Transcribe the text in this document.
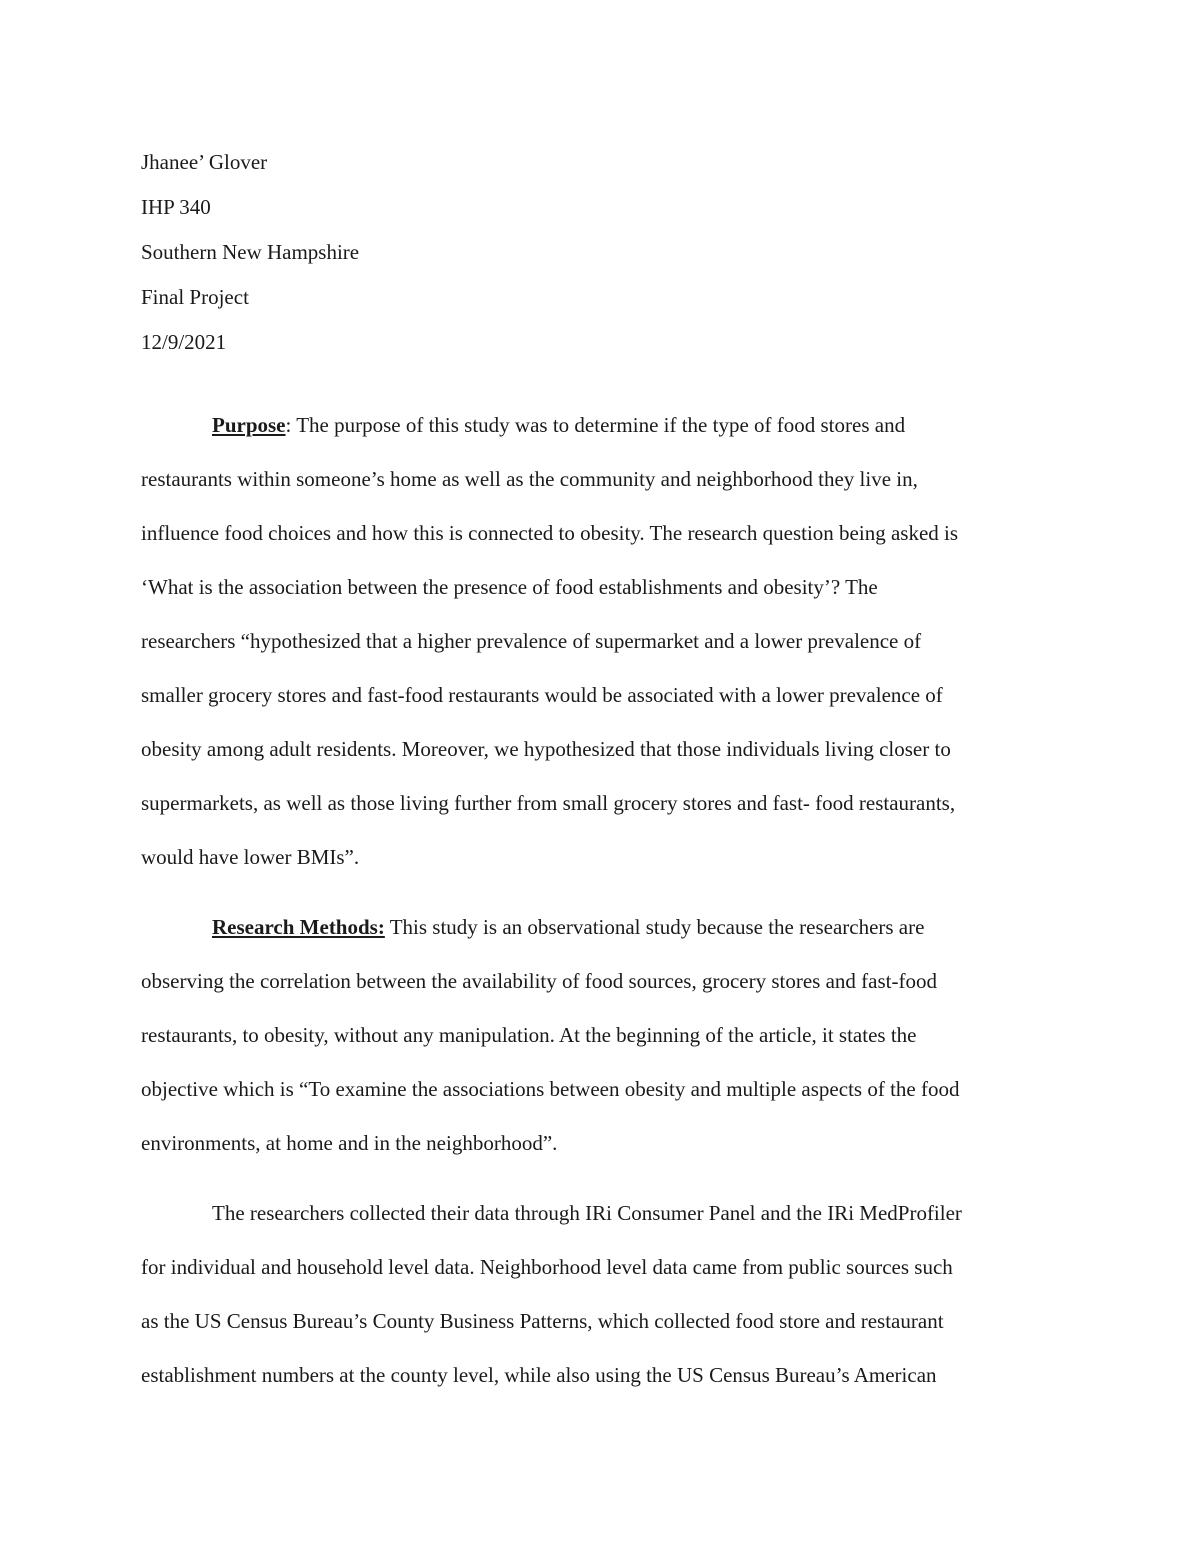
Jhanee’ Glover
IHP 340
Southern New Hampshire
Final Project
12/9/2021
Purpose: The purpose of this study was to determine if the type of food stores and
restaurants within someone’s home as well as the community and neighborhood they live in,
influence food choices and how this is connected to obesity. The research question being asked is
‘What is the association between the presence of food establishments and obesity’? The
researchers “hypothesized that a higher prevalence of supermarket and a lower prevalence of
smaller grocery stores and fast-food restaurants would be associated with a lower prevalence of
obesity among adult residents. Moreover, we hypothesized that those individuals living closer to
supermarkets, as well as those living further from small grocery stores and fast- food restaurants,
would have lower BMIs”.
Research Methods: This study is an observational study because the researchers are
observing the correlation between the availability of food sources, grocery stores and fast-food
restaurants, to obesity, without any manipulation. At the beginning of the article, it states the
objective which is “To examine the associations between obesity and multiple aspects of the food
environments, at home and in the neighborhood”.
The researchers collected their data through IRi Consumer Panel and the IRi MedProfiler
for individual and household level data. Neighborhood level data came from public sources such
as the US Census Bureau’s County Business Patterns, which collected food store and restaurant
establishment numbers at the county level, while also using the US Census Bureau’s American
